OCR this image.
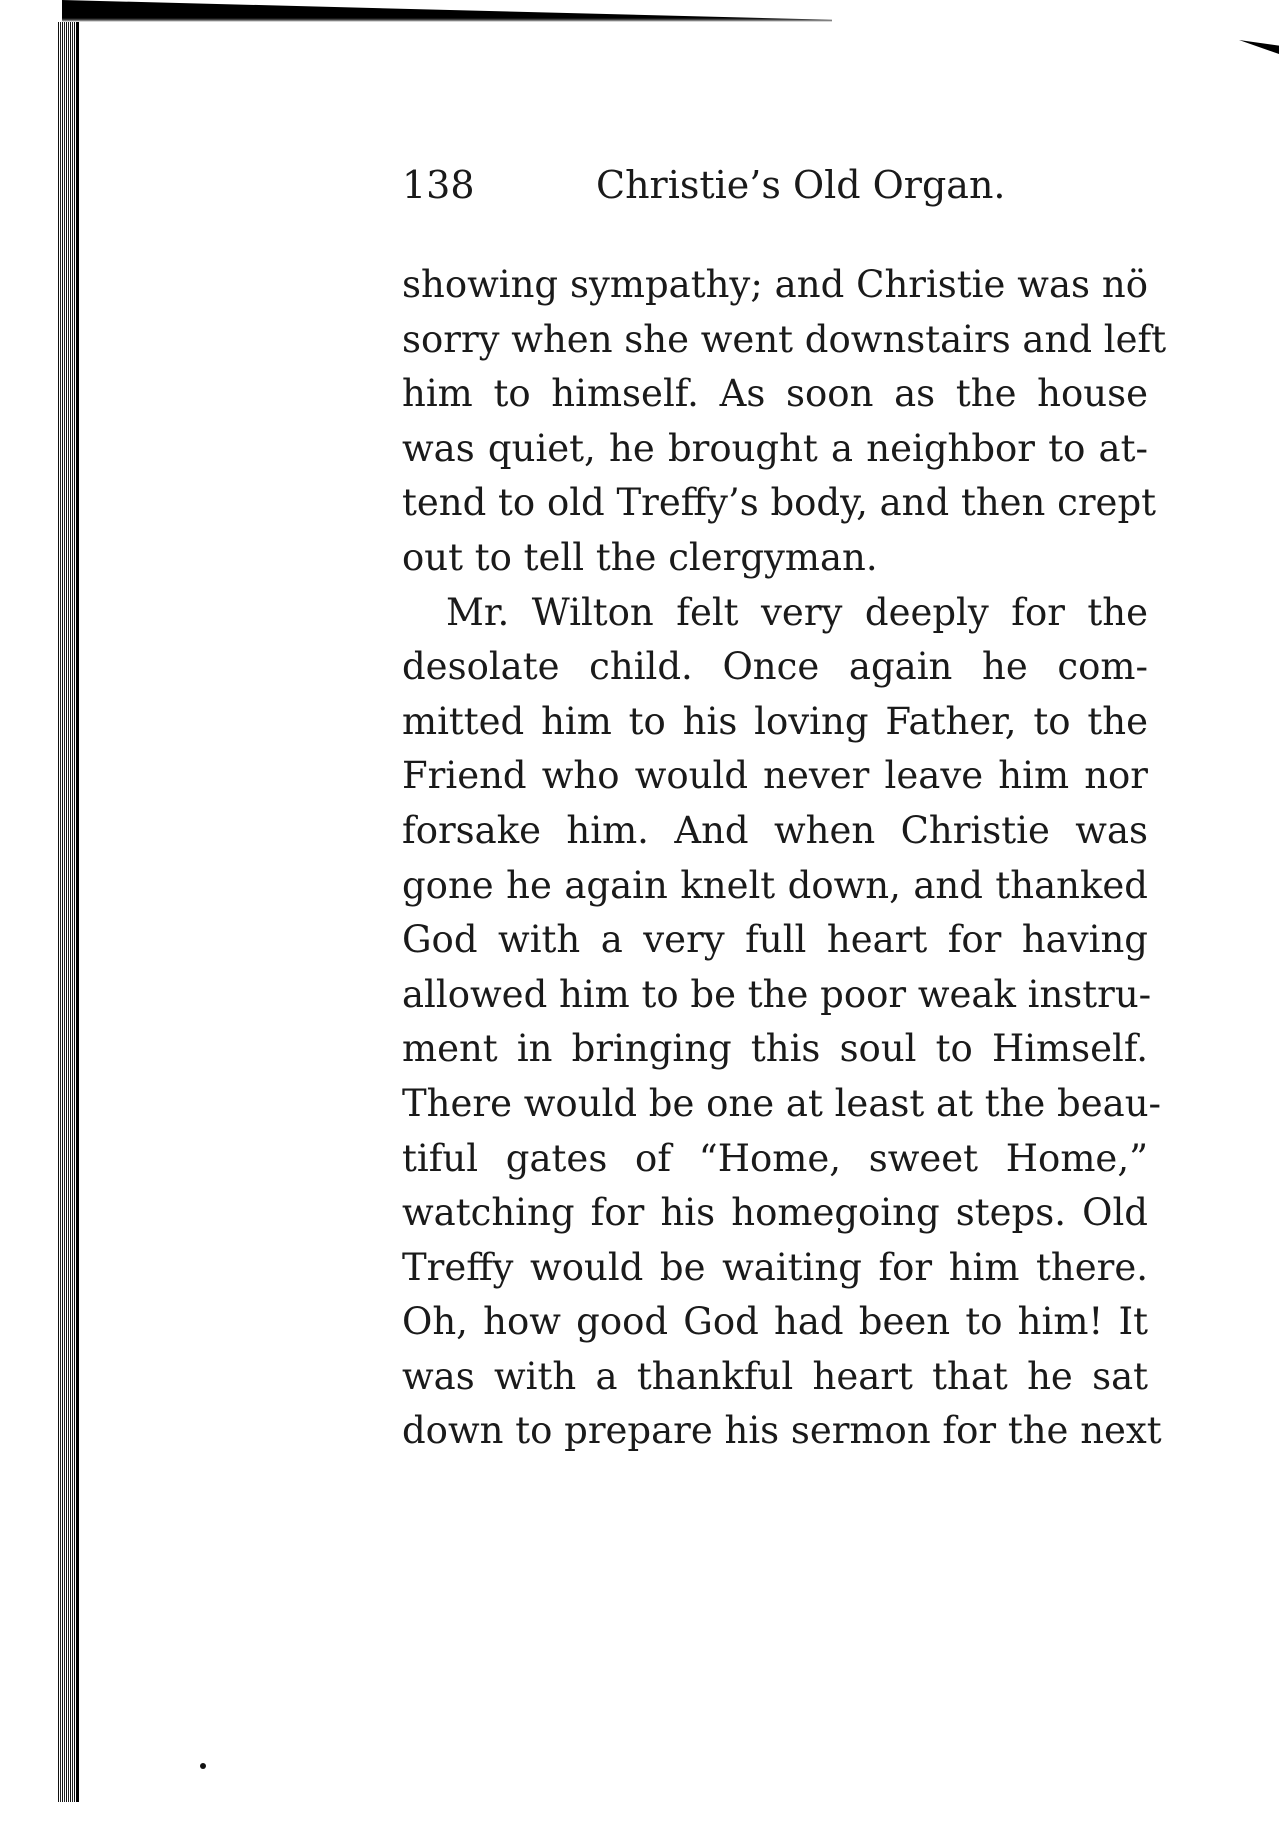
138	Christie’s Old Organ.
showing sympathy; and Christie was nö
sorry when she went downstairs and left
him to himself. As soon as the house
was quiet, he brought a neighbor to at-
tend to old Treffy’s body, and then crept
out to tell the clergyman.
Mr. Wilton felt very deeply for the
desolate child. Once again he com-
mitted him to his loving Father, to the
Friend who would never leave him nor
forsake him. And when Christie was
gone he again knelt down, and thanked
God with a very full heart for having
allowed him to be the poor weak instru-
ment in bringing this soul to Himself.
There would be one at least at the beau-
tiful gates of “Home, sweet Home,”
watching for his homegoing steps. Old
Treffy would be waiting for him there.
Oh, how good God had been to him! It
was with a thankful heart that he sat
down to prepare his sermon for the next
